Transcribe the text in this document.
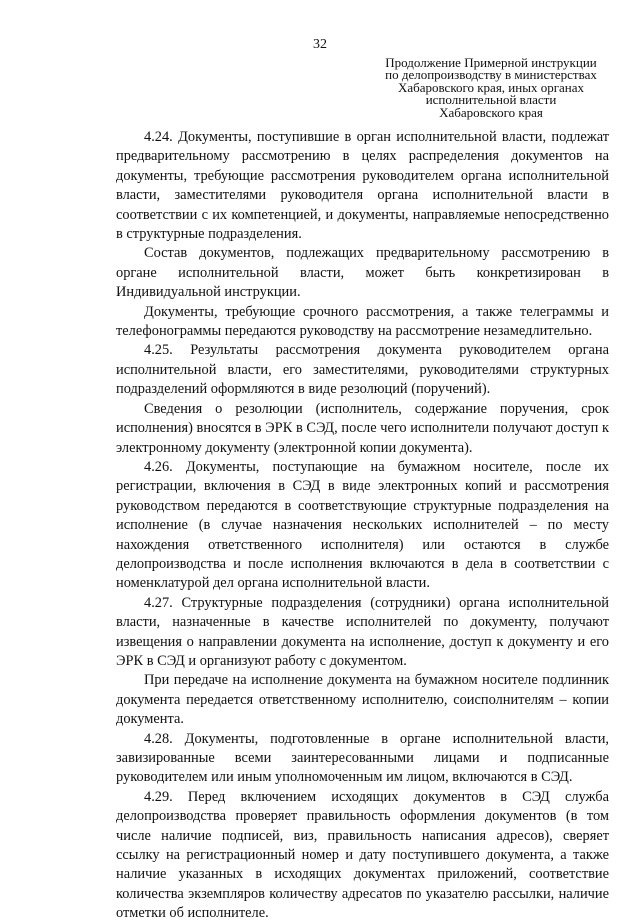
32
Продолжение Примерной инструкции
по делопроизводству в министерствах
Хабаровского края, иных органах
исполнительной власти
Хабаровского края

4.24. Документы, поступившие в орган исполнительной власти, подлежат предварительному рассмотрению в целях распределения документов на документы, требующие рассмотрения руководителем органа исполнительной власти, заместителями руководителя органа исполнительной власти в соответствии с их компетенцией, и документы, направляемые непосредственно в структурные подразделения.

Состав документов, подлежащих предварительному рассмотрению в органе исполнительной власти, может быть конкретизирован в Индивидуальной инструкции.

Документы, требующие срочного рассмотрения, а также телеграммы и телефонограммы передаются руководству на рассмотрение незамедлительно.

4.25. Результаты рассмотрения документа руководителем органа исполнительной власти, его заместителями, руководителями структурных подразделений оформляются в виде резолюций (поручений).

Сведения о резолюции (исполнитель, содержание поручения, срок исполнения) вносятся в ЭРК в СЭД, после чего исполнители получают доступ к электронному документу (электронной копии документа).

4.26. Документы, поступающие на бумажном носителе, после их регистрации, включения в СЭД в виде электронных копий и рассмотрения руководством передаются в соответствующие структурные подразделения на исполнение (в случае назначения нескольких исполнителей – по месту нахождения ответственного исполнителя) или остаются в службе делопроизводства и после исполнения включаются в дела в соответствии с номенклатурой дел органа исполнительной власти.

4.27. Структурные подразделения (сотрудники) органа исполнительной власти, назначенные в качестве исполнителей по документу, получают извещения о направлении документа на исполнение, доступ к документу и его ЭРК в СЭД и организуют работу с документом.

При передаче на исполнение документа на бумажном носителе подлинник документа передается ответственному исполнителю, соисполнителям – копии документа.

4.28. Документы, подготовленные в органе исполнительной власти, завизированные всеми заинтересованными лицами и подписанные руководителем или иным уполномоченным им лицом, включаются в СЭД.

4.29. Перед включением исходящих документов в СЭД служба делопроизводства проверяет правильность оформления документов (в том числе наличие подписей, виз, правильность написания адресов), сверяет ссылку на регистрационный номер и дату поступившего документа, а также наличие указанных в исходящих документах приложений, соответствие количества экземпляров количеству адресатов по указателю рассылки, наличие отметки об исполнителе.
